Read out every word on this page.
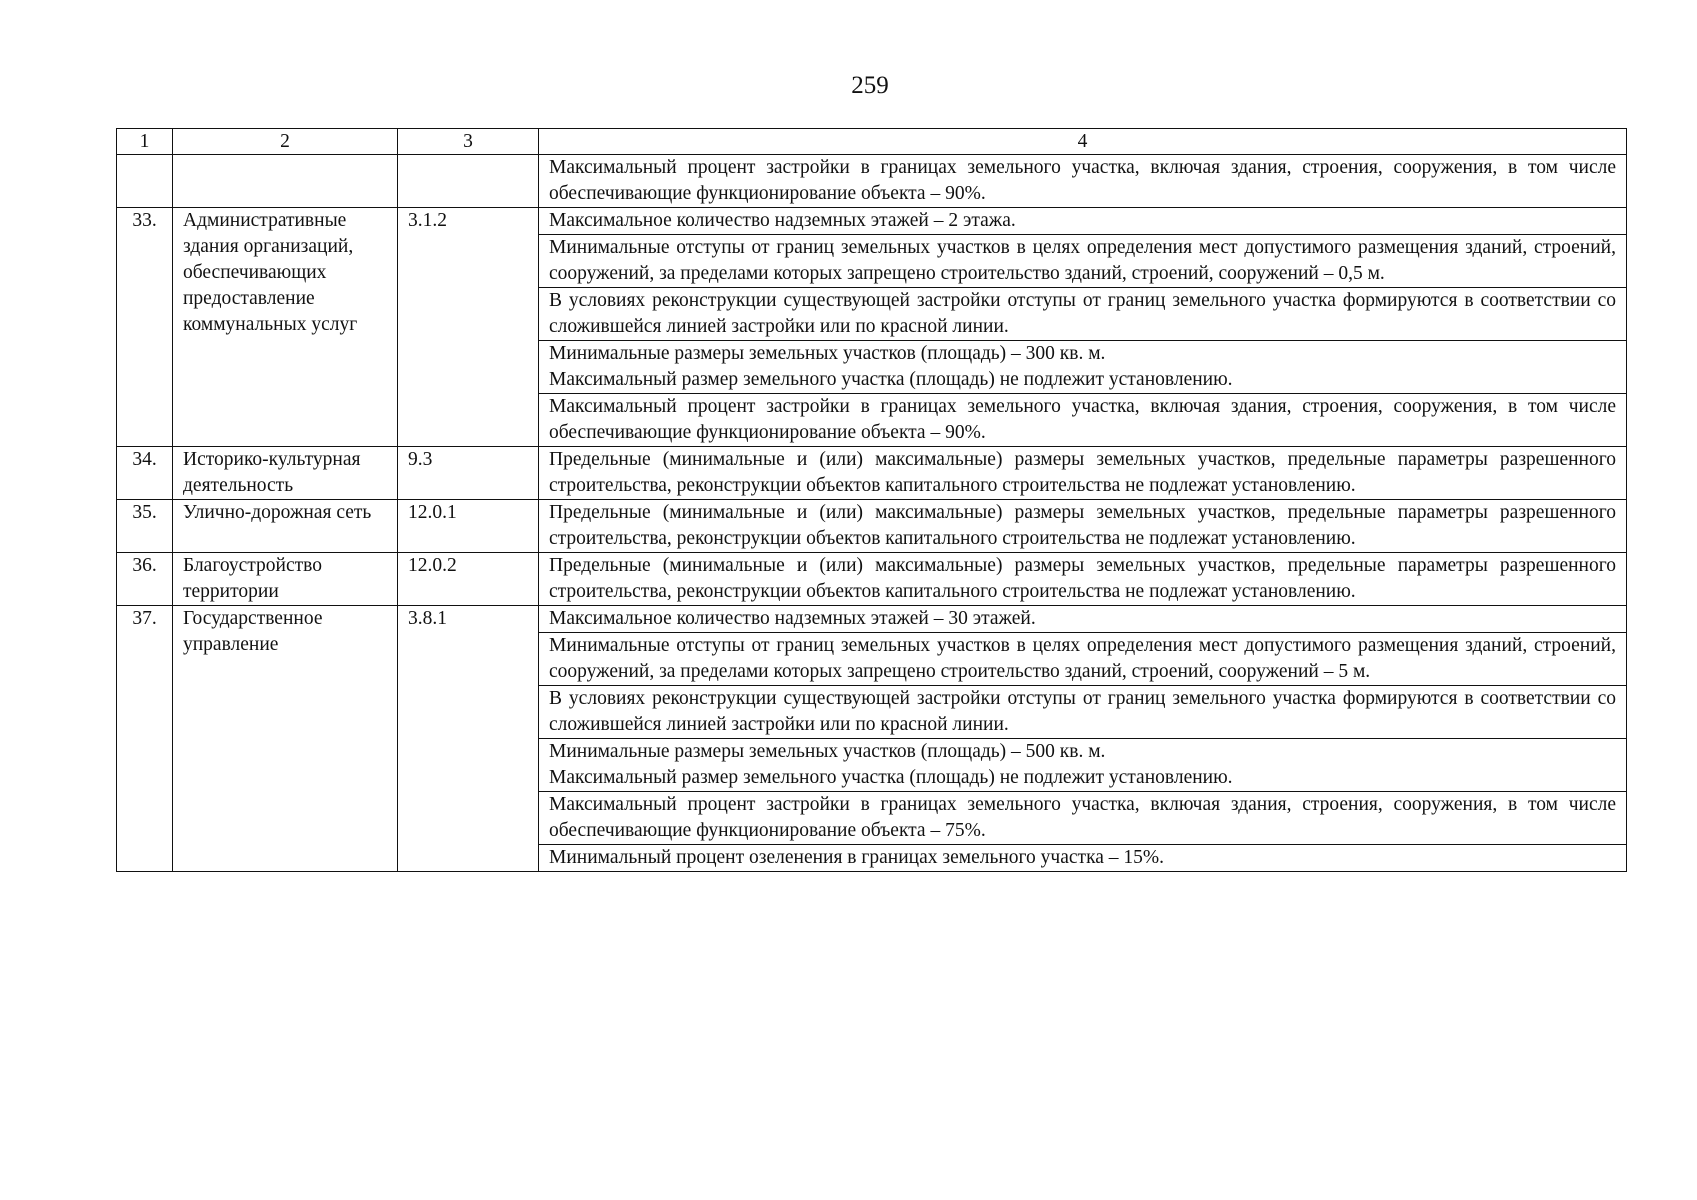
259
1	2	3	4

			Максимальный процент застройки в границах земельного участка, включая здания, строения, сооружения, в том числе обеспечивающие функционирование объекта – 90%.

33.	Административные здания организаций, обеспечивающих предоставление коммунальных услуг	3.1.2	Максимальное количество надземных этажей – 2 этажа.

			Минимальные отступы от границ земельных участков в целях определения мест допустимого размещения зданий, строений, сооружений, за пределами которых запрещено строительство зданий, строений, сооружений – 0,5 м.

			В условиях реконструкции существующей застройки отступы от границ земельного участка формируются в соответствии со сложившейся линией застройки или по красной линии.

			Минимальные размеры земельных участков (площадь) – 300 кв. м.
Максимальный размер земельного участка (площадь) не подлежит установлению.

			Максимальный процент застройки в границах земельного участка, включая здания, строения, сооружения, в том числе обеспечивающие функционирование объекта – 90%.

34.	Историко-культурная деятельность	9.3	Предельные (минимальные и (или) максимальные) размеры земельных участков, предельные параметры разрешенного строительства, реконструкции объектов капитального строительства не подлежат установлению.

35.	Улично-дорожная сеть	12.0.1	Предельные (минимальные и (или) максимальные) размеры земельных участков, предельные параметры разрешенного строительства, реконструкции объектов капитального строительства не подлежат установлению.

36.	Благоустройство территории	12.0.2	Предельные (минимальные и (или) максимальные) размеры земельных участков, предельные параметры разрешенного строительства, реконструкции объектов капитального строительства не подлежат установлению.

37.	Государственное управление	3.8.1	Максимальное количество надземных этажей – 30 этажей.

			Минимальные отступы от границ земельных участков в целях определения мест допустимого размещения зданий, строений, сооружений, за пределами которых запрещено строительство зданий, строений, сооружений – 5 м.

			В условиях реконструкции существующей застройки отступы от границ земельного участка формируются в соответствии со сложившейся линией застройки или по красной линии.

			Минимальные размеры земельных участков (площадь) – 500 кв. м.
Максимальный размер земельного участка (площадь) не подлежит установлению.

			Максимальный процент застройки в границах земельного участка, включая здания, строения, сооружения, в том числе обеспечивающие функционирование объекта – 75%.

			Минимальный процент озеленения в границах земельного участка – 15%.
